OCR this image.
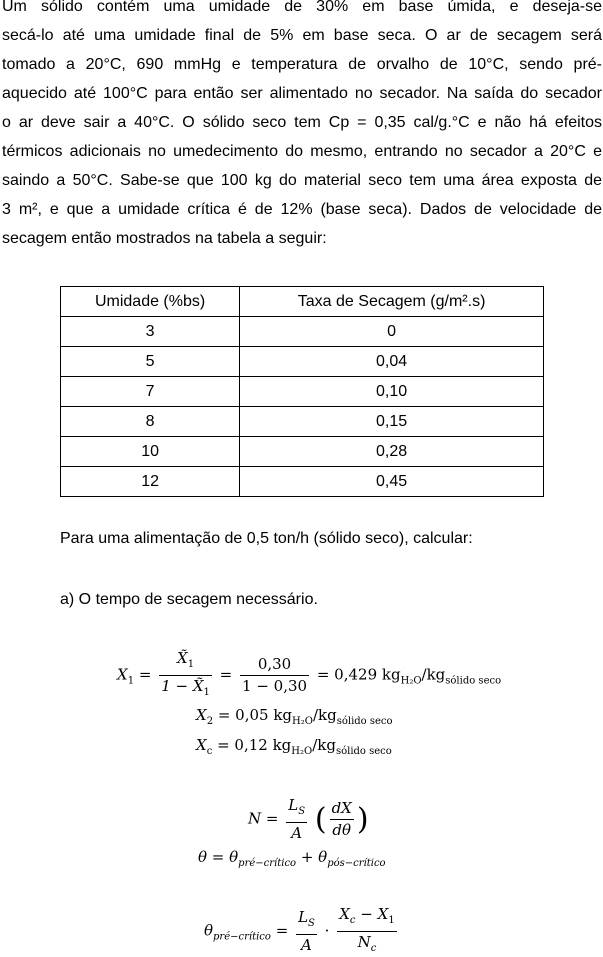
Um sólido contém uma umidade de 30% em base úmida, e deseja-se
secá-lo até uma umidade final de 5% em base seca. O ar de secagem será
tomado a 20°C, 690 mmHg e temperatura de orvalho de 10°C, sendo pré-
aquecido até 100°C para então ser alimentado no secador. Na saída do secador
o ar deve sair a 40°C. O sólido seco tem Cp = 0,35 cal/g.°C e não há efeitos
térmicos adicionais no umedecimento do mesmo, entrando no secador a 20°C e
saindo a 50°C. Sabe-se que 100 kg do material seco tem uma área exposta de
3 m², e que a umidade crítica é de 12% (base seca). Dados de velocidade de
secagem então mostrados na tabela a seguir:
Umidade (%bs)	Taxa de Secagem (g/m².s)
3	0
5	0,04
7	0,10
8	0,15
10	0,28
12	0,45
Para uma alimentação de 0,5 ton/h (sólido seco), calcular:
a) O tempo de secagem necessário.
$X_1 = \frac{X̃_1}{1 - X̃_1} = \frac{0,30}{1 - 0,30} = 0,429$ $kg_{H_2O}/kg_{sólido seco}$
$X_2 = 0,05$ $kg_{H_2O}/kg_{sólido seco}$
$X_c = 0,12$ $kg_{H_2O}/kg_{sólido seco}$
$N = \frac{L_S}{A}$ ( $\frac{dX}{d\theta}$ )
$\theta = \theta_{pré-crítico} + \theta_{pós-crítico}$
$\theta_{pré-crítico} = \frac{L_S}{A} \cdot \frac{X_c - X_1}{N_c}$
